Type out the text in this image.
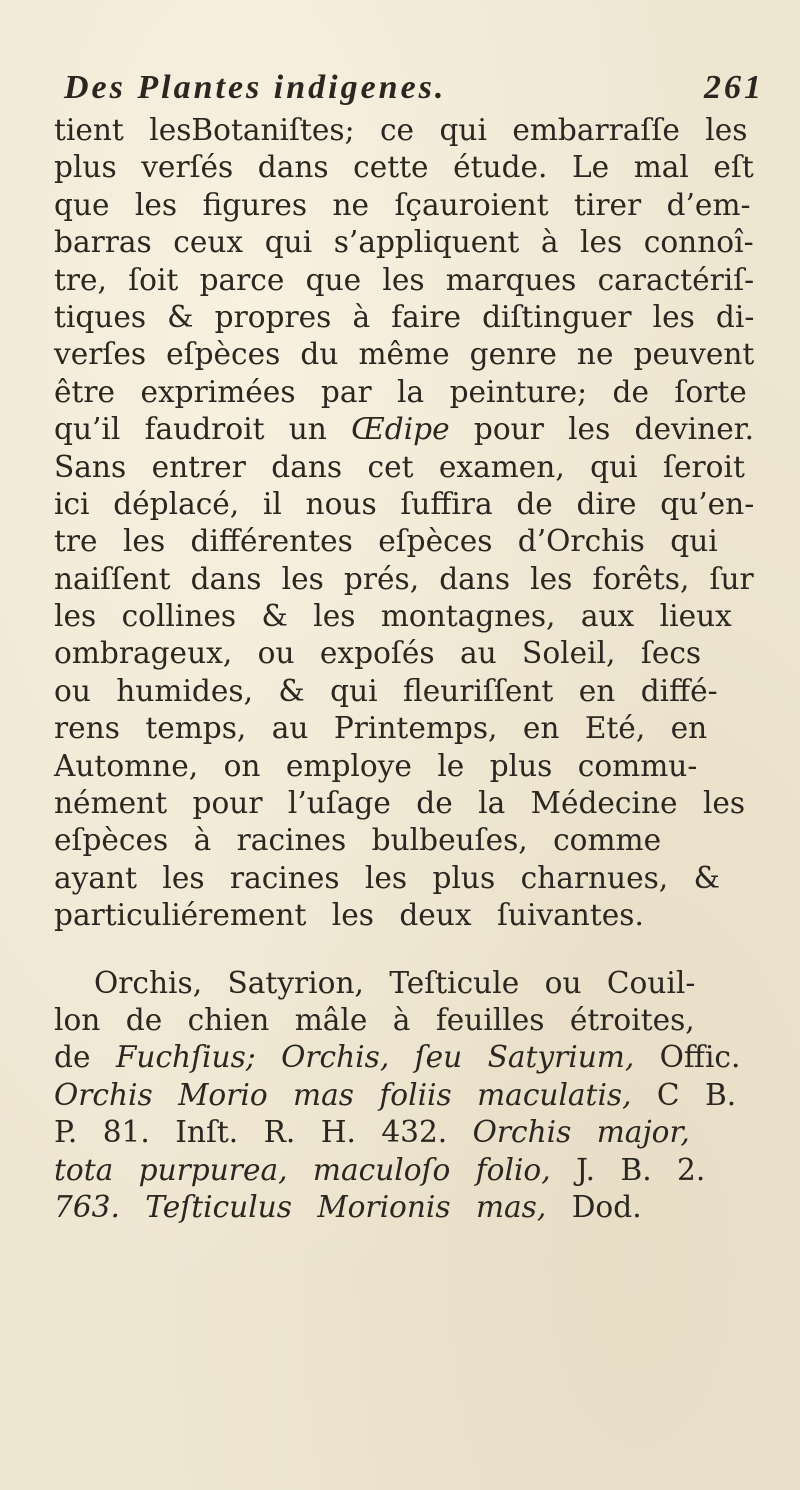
Des Plantes indigenes.	261
tient lesBotaniſtes; ce qui embarraſſe les
plus verſés dans cette étude. Le mal eſt
que les figures ne ſçauroient tirer d’em-
barras ceux qui s’appliquent à les connoî-
tre, ſoit parce que les marques caractériſ-
tiques & propres à faire diſtinguer les di-
verſes eſpèces du même genre ne peuvent
être exprimées par la peinture; de ſorte
qu’il faudroit un Œdipe pour les deviner.
Sans entrer dans cet examen, qui ſeroit
ici déplacé, il nous ſuffira de dire qu’en-
tre les différentes eſpèces d’Orchis qui
naiſſent dans les prés, dans les forêts, ſur
les collines & les montagnes, aux lieux
ombrageux, ou expoſés au Soleil, ſecs
ou humides, & qui fleuriſſent en diffé-
rens temps, au Printemps, en Eté, en
Automne, on employe le plus commu-
nément pour l’uſage de la Médecine les
eſpèces à racines bulbeuſes, comme
ayant les racines les plus charnues, &
particuliérement les deux ſuivantes.
Orchis, Satyrion, Teſticule ou Couil-
lon de chien mâle à feuilles étroites,
de Fuchſius; Orchis, ſeu Satyrium, Offic.
Orchis Morio mas foliis maculatis, C B.
P. 81. Inſt. R. H. 432. Orchis major,
tota purpurea, maculoſo folio, J. B. 2.
763. Teſticulus Morionis mas, Dod.
